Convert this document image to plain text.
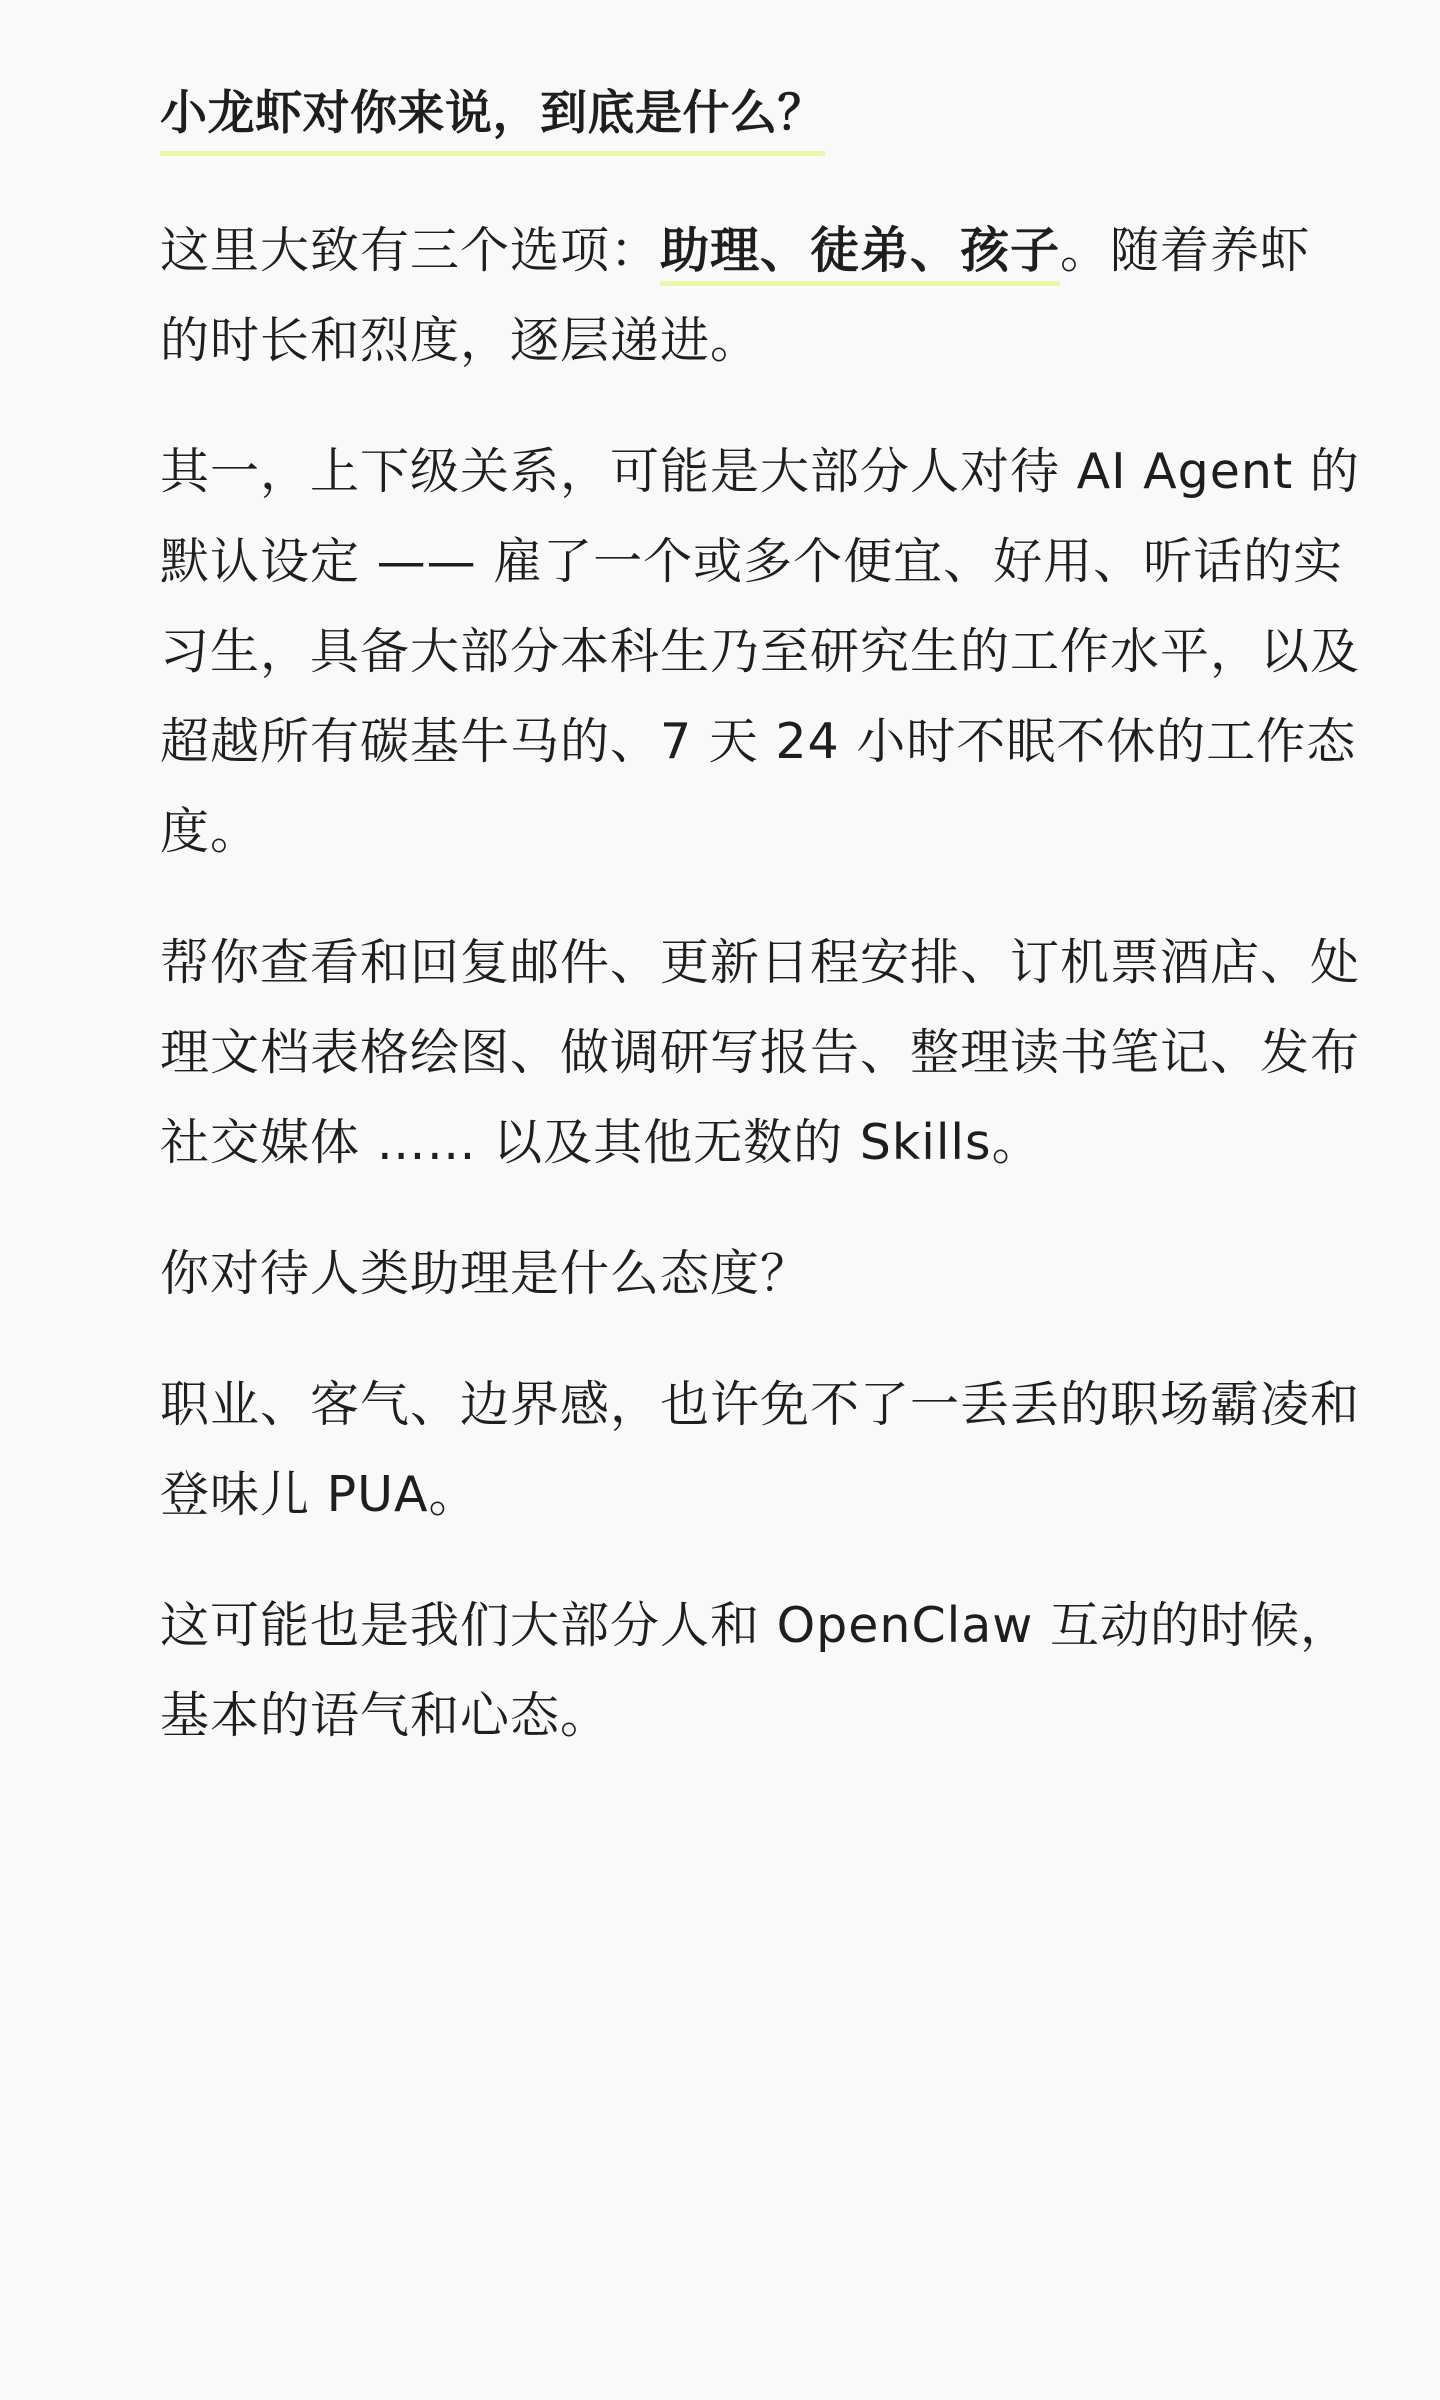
小龙虾对你来说，到底是什么？

这里大致有三个选项：助理、徒弟、孩子。随着养虾的时长和烈度，逐层递进。

其一，上下级关系，可能是大部分人对待 AI Agent 的默认设定 —— 雇了一个或多个便宜、好用、听话的实习生，具备大部分本科生乃至研究生的工作水平，以及超越所有碳基牛马的、7 天 24 小时不眠不休的工作态度。

帮你查看和回复邮件、更新日程安排、订机票酒店、处理文档表格绘图、做调研写报告、整理读书笔记、发布社交媒体 …… 以及其他无数的 Skills。

你对待人类助理是什么态度？

职业、客气、边界感，也许免不了一丢丢的职场霸凌和登味儿 PUA。

这可能也是我们大部分人和 OpenClaw 互动的时候，基本的语气和心态。
